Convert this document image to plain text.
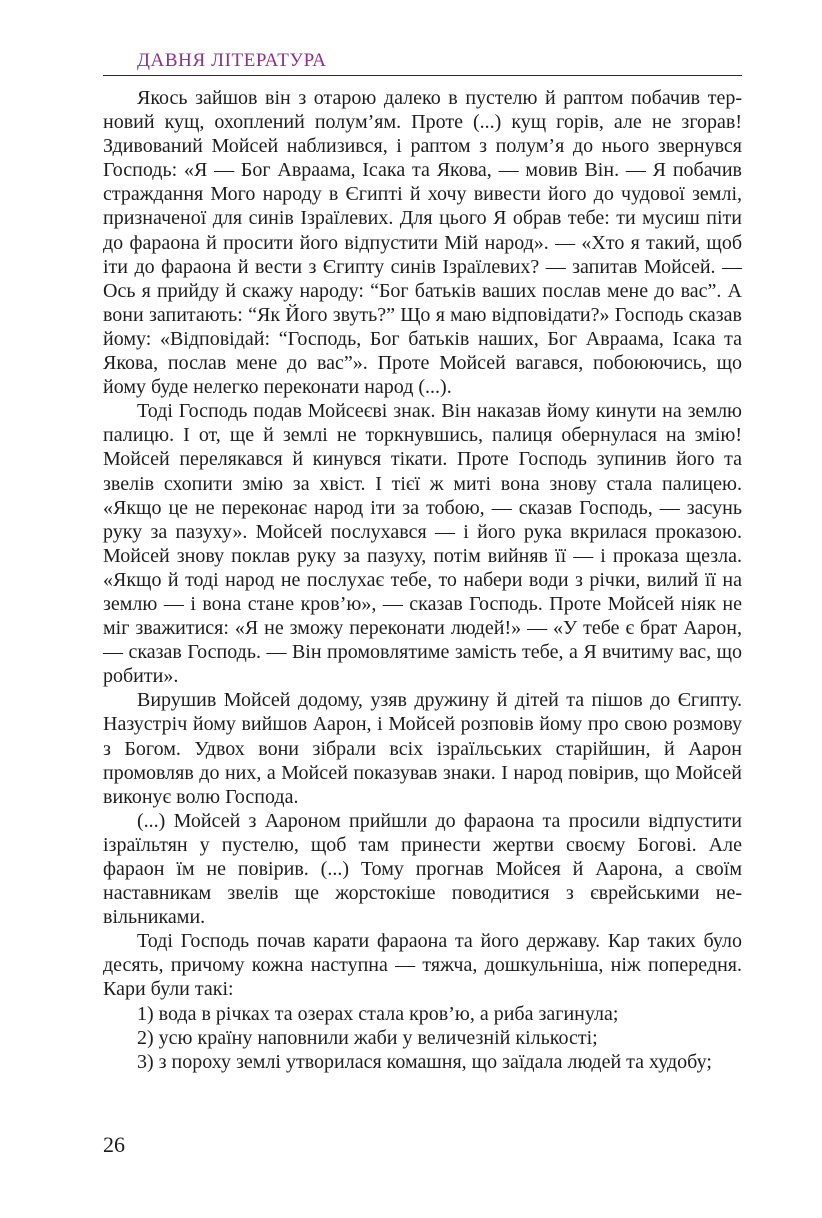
ДАВНЯ ЛІТЕРАТУРА

Якось зайшов він з отарою далеко в пустелю й раптом побачив терновий кущ, охоплений полум’ям. Проте (...) кущ горів, але не згорав! Здивований Мойсей наблизився, і раптом з полум’я до нього звернувся Господь: «Я — Бог Авраама, Ісака та Якова, — мовив Він. — Я побачив страждання Мого народу в Єгипті й хочу вивести його до чудової землі, призначеної для синів Ізраїлевих. Для цього Я обрав тебе: ти мусиш піти до фараона й просити його відпустити Мій народ». — «Хто я такий, щоб іти до фараона й вести з Єгипту синів Ізраїлевих? — запитав Мойсей. — Ось я прийду й скажу народу: “Бог батьків ваших послав мене до вас”. А вони запитають: “Як Його звуть?” Що я маю відповідати?» Господь сказав йому: «Відповідай: “Господь, Бог батьків наших, Бог Авраама, Ісака та Якова, послав мене до вас”». Проте Мойсей вагався, побоюючись, що йому буде нелегко переконати народ (...).

Тоді Господь подав Мойсеєві знак. Він наказав йому кинути на землю палицю. І от, ще й землі не торкнувшись, палиця обернулася на змію! Мойсей перелякався й кинувся тікати. Проте Господь зупинив його та звелів схопити змію за хвіст. І тієї ж миті вона знову стала палицею. «Якщо це не переконає народ іти за тобою, — сказав Господь, — засунь руку за пазуху». Мойсей послухався — і його рука вкрилася проказою. Мойсей знову поклав руку за пазуху, потім вийняв її — і проказа щезла. «Якщо й тоді народ не послухає тебе, то набери води з річки, вилий її на землю — і вона стане кров’ю», — сказав Господь. Проте Мойсей ніяк не міг зважитися: «Я не зможу переконати людей!» — «У тебе є брат Аарон, — сказав Господь. — Він промовлятиме замість тебе, а Я вчитиму вас, що робити».

Вирушив Мойсей додому, узяв дружину й дітей та пішов до Єгипту. Назустріч йому вийшов Аарон, і Мойсей розповів йому про свою розмову з Богом. Удвох вони зібрали всіх ізраїльських старійшин, й Аарон промовляв до них, а Мойсей показував знаки. І народ повірив, що Мойсей виконує волю Господа.

(...) Мойсей з Аароном прийшли до фараона та просили відпустити ізраїльтян у пустелю, щоб там принести жертви своєму Богові. Але фараон їм не повірив. (...) Тому прогнав Мойсея й Аарона, а своїм наставникам звелів ще жорстокіше поводитися з єврейськими невільниками.

Тоді Господь почав карати фараона та його державу. Кар таких було десять, причому кожна наступна — тяжча, дошкульніша, ніж попередня. Кари були такі:

1) вода в річках та озерах стала кров’ю, а риба загинула;

2) усю країну наповнили жаби у величезній кількості;

3) з пороху землі утворилася комашня, що заїдала людей та худобу;

26
